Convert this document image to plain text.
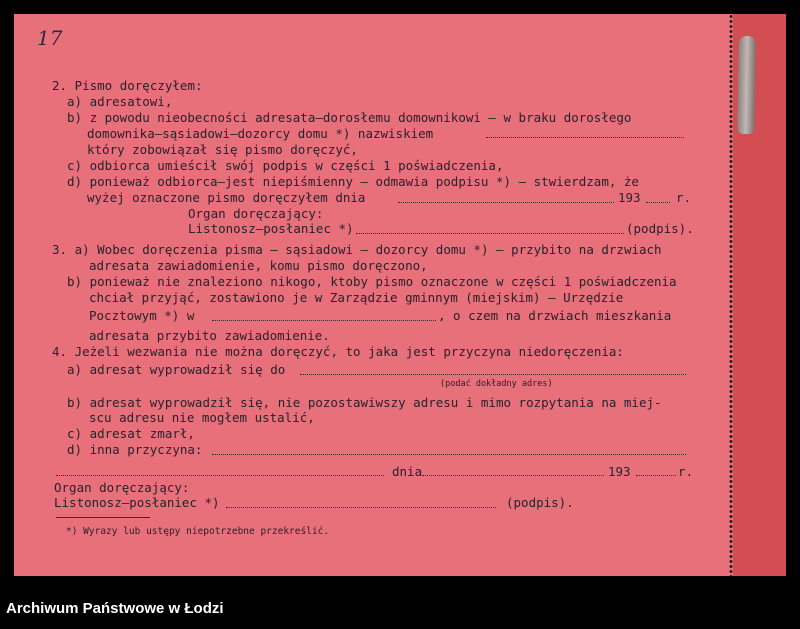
17
2. Pismo doręczyłem:
a) adresatowi,
b) z powodu nieobecności adresata—dorosłemu domownikowi — w braku dorosłego
domownika—sąsiadowi—dozorcy domu *) nazwiskiem
który zobowiązał się pismo doręczyć,
c) odbiorca umieścił swój podpis w części 1 poświadczenia,
d) ponieważ odbiorca—jest niepiśmienny — odmawia podpisu *) — stwierdzam, że
wyżej oznaczone pismo doręczyłem dnia	193	r.
Organ doręczający:
Listonosz—posłaniec *)	(podpis).
3. a) Wobec doręczenia pisma — sąsiadowi — dozorcy domu *) — przybito na drzwiach
adresata zawiadomienie, komu pismo doręczono,
b) ponieważ nie znaleziono nikogo, ktoby pismo oznaczone w części 1 poświadczenia
chciał przyjąć, zostawiono je w Zarządzie gminnym (miejskim) — Urzędzie
Pocztowym *) w	, o czem na drzwiach mieszkania
adresata przybito zawiadomienie.
4. Jeżeli wezwania nie można doręczyć, to jaka jest przyczyna niedoręczenia:
a) adresat wyprowadził się do
(podać dokładny adres)
b) adresat wyprowadził się, nie pozostawiwszy adresu i mimo rozpytania na miej-
scu adresu nie mogłem ustalić,
c) adresat zmarł,
d) inna przyczyna:
dnia	193	r.
Organ doręczający:
Listonosz—posłaniec *)	(podpis).
*) Wyrazy lub ustępy niepotrzebne przekreślić.
Archiwum Państwowe w Łodzi
